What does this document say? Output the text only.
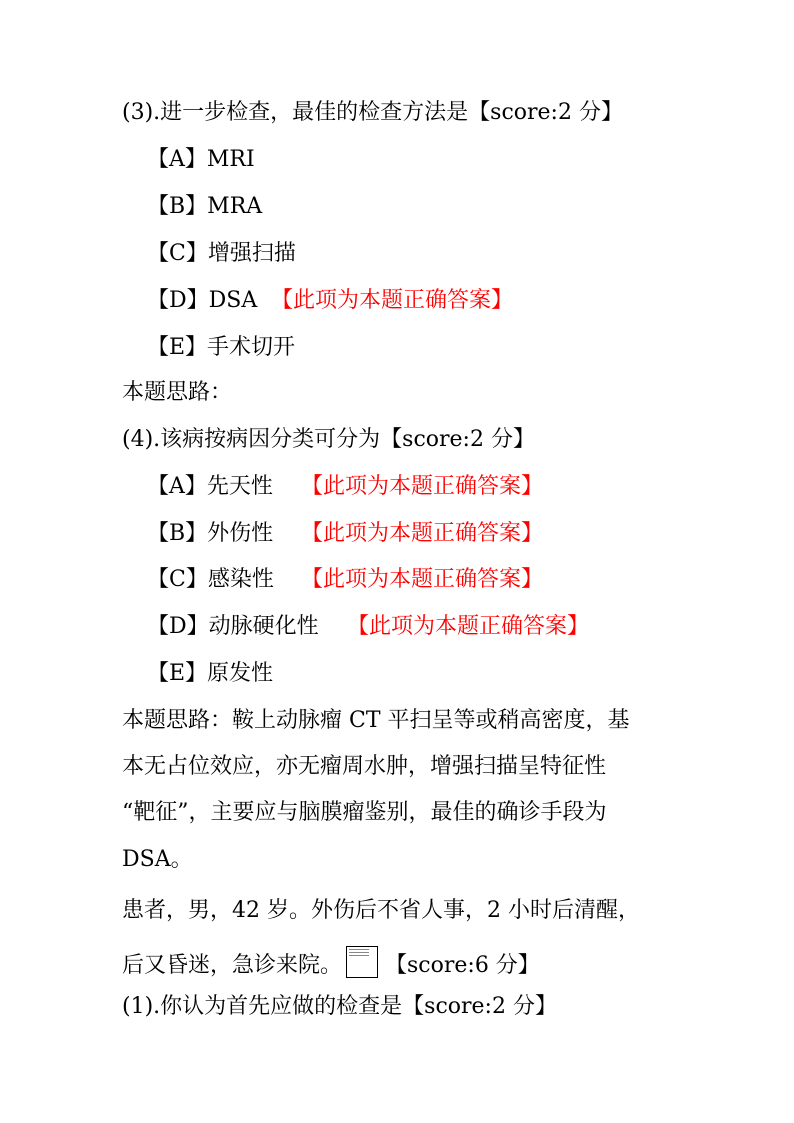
(3).进一步检查，最佳的检查方法是【score:2 分】
【A】MRI
【B】MRA
【C】增强扫描
【D】DSA 【此项为本题正确答案】
【E】手术切开
本题思路：
(4).该病按病因分类可分为【score:2 分】
【A】先天性 【此项为本题正确答案】
【B】外伤性 【此项为本题正确答案】
【C】感染性 【此项为本题正确答案】
【D】动脉硬化性 【此项为本题正确答案】
【E】原发性
本题思路：鞍上动脉瘤 CT 平扫呈等或稍高密度，基
本无占位效应，亦无瘤周水肿，增强扫描呈特征性
“靶征”，主要应与脑膜瘤鉴别，最佳的确诊手段为
DSA。
患者，男，42 岁。外伤后不省人事，2 小时后清醒，
后又昏迷，急诊来院。 【score:6 分】
(1).你认为首先应做的检查是【score:2 分】
